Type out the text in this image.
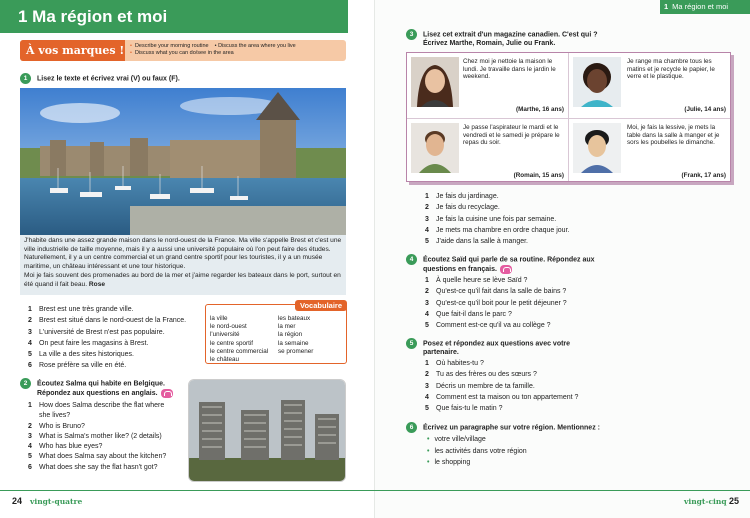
1 Ma région et moi
À vos marques !
•	Describe your morning routine • Discuss the area where you live
• Discuss what you can do/see in the area
1 Lisez le texte et écrivez vrai (V) ou faux (F).

J'habite dans une assez grande maison dans le nord-ouest de la France. Ma ville s'appelle Brest et c'est une ville industrielle de taille moyenne, mais il y a aussi une université populaire où l'on peut faire des études. Naturellement, il y a un centre commercial et un grand centre sportif pour les touristes, il y a un musée maritime, un château intéressant et une tour historique.

Moi je fais souvent des promenades au bord de la mer et j'aime regarder les bateaux dans le port, surtout en été quand il fait beau. Rose

1 Brest est une très grande ville.
2 Brest est situé dans le nord-ouest de la France.
3 L'université de Brest n'est pas populaire.
4 On peut faire les magasins à Brest.
5 La ville a des sites historiques.
6 Rose préfère sa ville en été.
Vocabulaire
la ville
le nord-ouest
l'université
le centre sportif
le centre commercial
le château
les bateaux
la mer
la région
la semaine
se promener
2 Écoutez Salma qui habite en Belgique.
Répondez aux questions en anglais.
1 How does Salma describe the flat where
she lives?
2 Who is Bruno?
3 What is Salma's mother like? (2 details)
4 Who has blue eyes?
5 What does Salma say about the kitchen?
6 What does she say the flat hasn't got?
24 vingt-quatre
1 Ma région et moi
3 Lisez cet extrait d'un magazine canadien. C'est qui ?
Écrivez Marthe, Romain, Julie ou Frank.
Chez moi je nettoie la maison le lundi. Je travaille dans le jardin le weekend.
(Marthe, 16 ans)
Je range ma chambre tous les matins et je recycle le papier, le verre et le plastique.
(Julie, 14 ans)
Je passe l'aspirateur le mardi et le vendredi et le samedi je prépare le repas du soir.
(Romain, 15 ans)
Moi, je fais la lessive, je mets la table dans la salle à manger et je sors les poubelles le dimanche.
(Frank, 17 ans)
1 Je fais du jardinage.
2 Je fais du recyclage.
3 Je fais la cuisine une fois par semaine.
4 Je mets ma chambre en ordre chaque jour.
5 J'aide dans la salle à manger.
4 Écoutez Saïd qui parle de sa routine. Répondez aux
questions en français.
1 À quelle heure se lève Saïd ?
2 Qu'est-ce qu'il fait dans la salle de bains ?
3 Qu'est-ce qu'il boit pour le petit déjeuner ?
4 Que fait-il dans le parc ?
5 Comment est-ce qu'il va au collège ?
5 Posez et répondez aux questions avec votre
partenaire.
1 Où habites-tu ?
2 Tu as des frères ou des sœurs ?
3 Décris un membre de ta famille.
4 Comment est ta maison ou ton appartement ?
5 Que fais-tu le matin ?
6 Écrivez un paragraphe sur votre région. Mentionnez :
• votre ville/village
• les activités dans votre région
• le shopping
vingt-cinq 25
